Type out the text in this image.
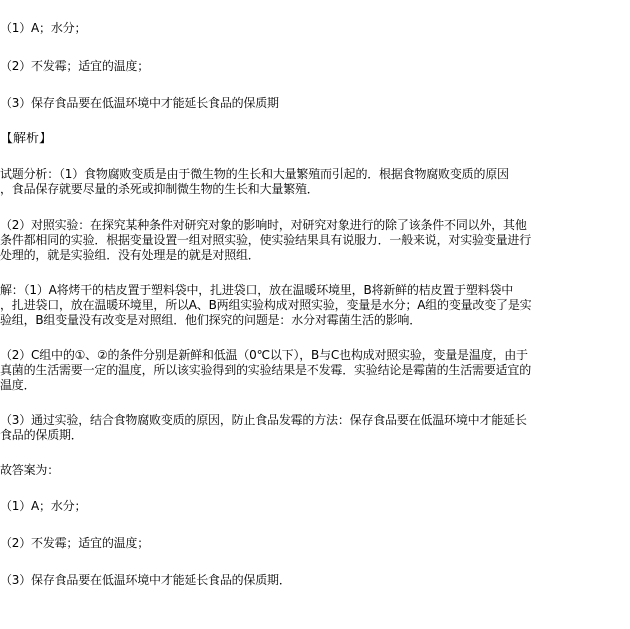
（1）A；水分；
（2）不发霉；适宜的温度；
（3）保存食品要在低温环境中才能延长食品的保质期
【解析】
试题分析：（1）食物腐败变质是由于微生物的生长和大量繁殖而引起的．根据食物腐败变质的原因
，食品保存就要尽量的杀死或抑制微生物的生长和大量繁殖．
（2）对照实验：在探究某种条件对研究对象的影响时，对研究对象进行的除了该条件不同以外，其他
条件都相同的实验．根据变量设置一组对照实验，使实验结果具有说服力．一般来说，对实验变量进行
处理的，就是实验组．没有处理是的就是对照组．
解：（1）A将烤干的桔皮置于塑料袋中，扎进袋口，放在温暖环境里，B将新鲜的桔皮置于塑料袋中
，扎进袋口，放在温暖环境里，所以A、B两组实验构成对照实验，变量是水分；A组的变量改变了是实
验组，B组变量没有改变是对照组．他们探究的问题是：水分对霉菌生活的影响．
（2）C组中的①、②的条件分别是新鲜和低温（0℃以下），B与C也构成对照实验，变量是温度，由于
真菌的生活需要一定的温度，所以该实验得到的实验结果是不发霉．实验结论是霉菌的生活需要适宜的
温度．
（3）通过实验，结合食物腐败变质的原因，防止食品发霉的方法：保存食品要在低温环境中才能延长
食品的保质期．
故答案为：
（1）A；水分；
（2）不发霉；适宜的温度；
（3）保存食品要在低温环境中才能延长食品的保质期．
